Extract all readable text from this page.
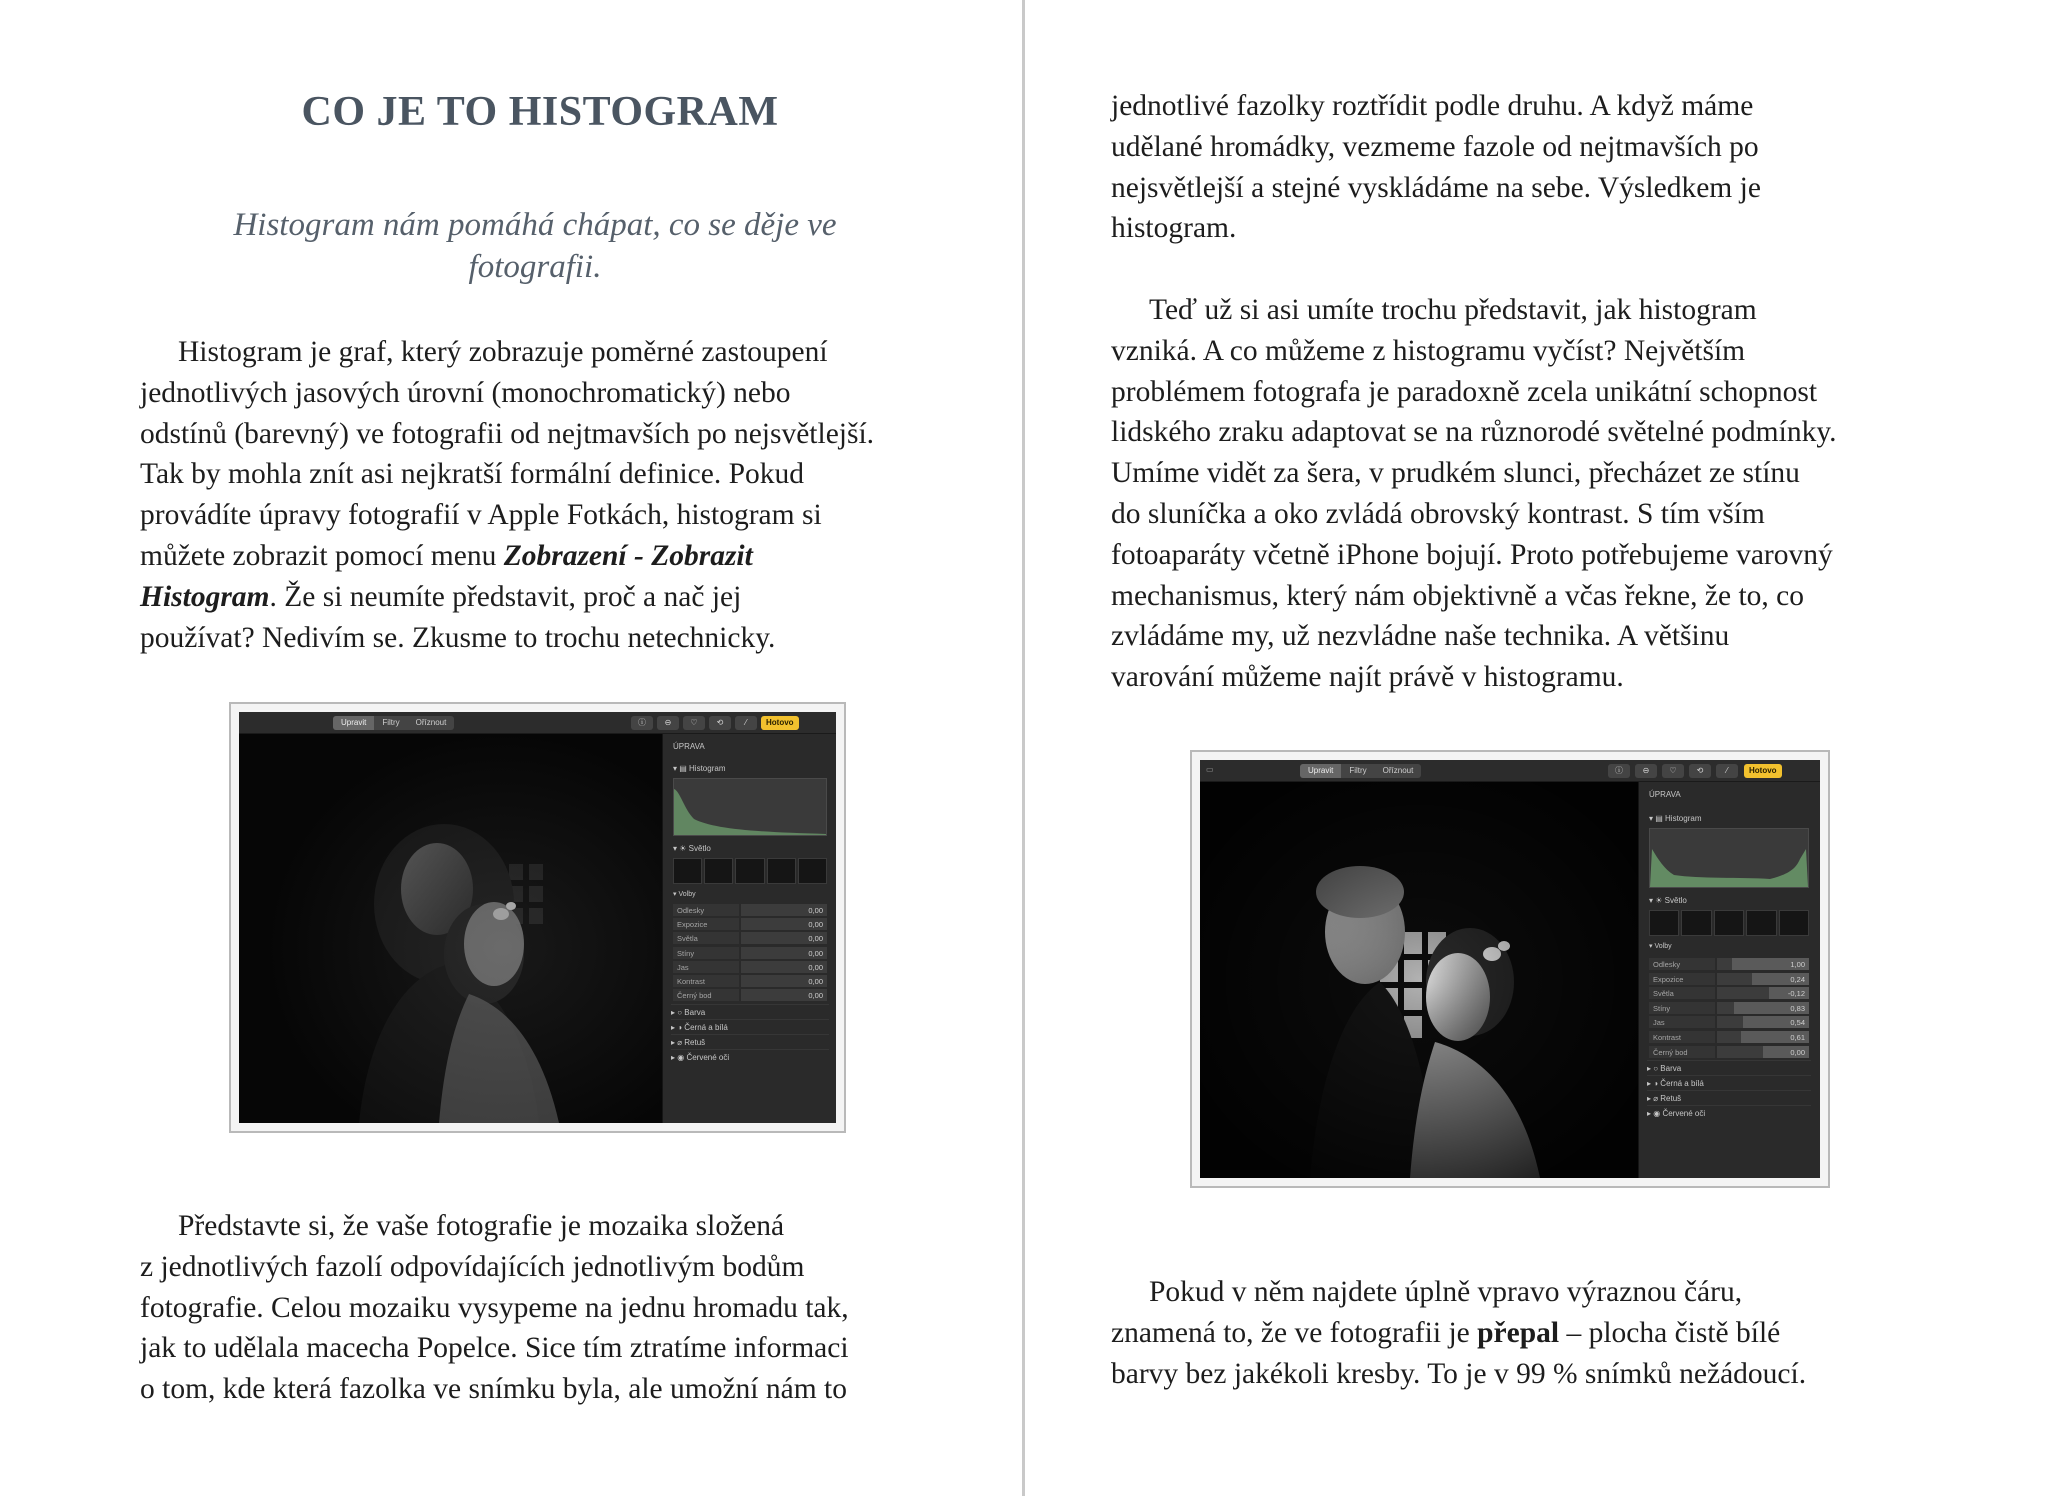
CO JE TO HISTOGRAM
Histogram nám pomáhá chápat, co se děje ve
fotografii.

Histogram je graf, který zobrazuje poměrné zastoupení

jednotlivých jasových úrovní (monochromatický) nebo

odstínů (barevný) ve fotografii od nejtmavších po nejsvětlejší.

Tak by mohla znít asi nejkratší formální definice. Pokud

provádíte úpravy fotografií v Apple Fotkách, histogram si

můžete zobrazit pomocí menu Zobrazení - Zobrazit

Histogram. Že si neumíte představit, proč a nač jej

používat? Nedivím se. Zkusme to trochu netechnicky.

Upravit	Filtry	Oříznout	ⓘ	⊖	♡	⟲	⁄	Hotovo
ÚPRAVA
▾ ▤ Histogram
▾ ☀ Světlo
▾ Volby
Odlesky	0,00
Expozice	0,00
Světla	0,00
Stíny	0,00
Jas	0,00
Kontrast	0,00
Černý bod	0,00
▸ ○ Barva
▸ ◑ Černá a bílá
▸ ⌀ Retuš
▸ ◉ Červené oči

Představte si, že vaše fotografie je mozaika složená

z jednotlivých fazolí odpovídajících jednotlivým bodům

fotografie. Celou mozaiku vysypeme na jednu hromadu tak,

jak to udělala macecha Popelce. Sice tím ztratíme informaci

o tom, kde která fazolka ve snímku byla, ale umožní nám to

jednotlivé fazolky roztřídit podle druhu. A když máme

udělané hromádky, vezmeme fazole od nejtmavších po

nejsvětlejší a stejné vyskládáme na sebe. Výsledkem je

histogram.

Teď už si asi umíte trochu představit, jak histogram

vzniká. A co můžeme z histogramu vyčíst? Největším

problémem fotografa je paradoxně zcela unikátní schopnost

lidského zraku adaptovat se na různorodé světelné podmínky.

Umíme vidět za šera, v prudkém slunci, přecházet ze stínu

do sluníčka a oko zvládá obrovský kontrast. S tím vším

fotoaparáty včetně iPhone bojují. Proto potřebujeme varovný

mechanismus, který nám objektivně a včas řekne, že to, co

zvládáme my, už nezvládne naše technika. A většinu

varování můžeme najít právě v histogramu.

▭	Upravit	Filtry	Oříznout	ⓘ	⊖	♡	⟲	⁄	Hotovo
ÚPRAVA
▾ ▤ Histogram
▾ ☀ Světlo
▾ Volby
Odlesky	1,00
Expozice	0,24
Světla	-0,12
Stíny	0,83
Jas	0,54
Kontrast	0,61
Černý bod	0,00
▸ ○ Barva
▸ ◑ Černá a bílá
▸ ⌀ Retuš
▸ ◉ Červené oči

Pokud v něm najdete úplně vpravo výraznou čáru,

znamená to, že ve fotografii je přepal – plocha čistě bílé

barvy bez jakékoli kresby. To je v 99 % snímků nežádoucí.
